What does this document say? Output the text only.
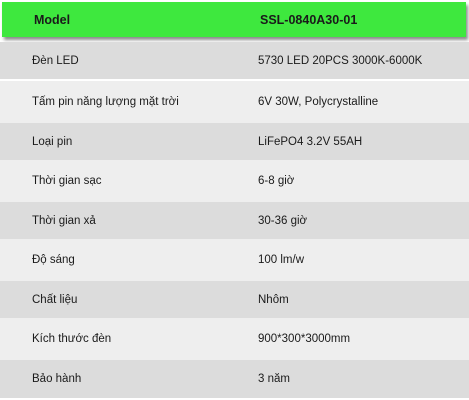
Model	SSL-0840A30-01
Đèn LED	5730 LED 20PCS 3000K-6000K
Tấm pin năng lượng mặt trời	6V 30W, Polycrystalline
Loại pin	LiFePO4 3.2V 55AH
Thời gian sạc	6-8 giờ
Thời gian xả	30-36 giờ
Độ sáng	100 lm/w
Chất liệu	Nhôm
Kích thước đèn	900*300*3000mm
Bảo hành	3 năm
